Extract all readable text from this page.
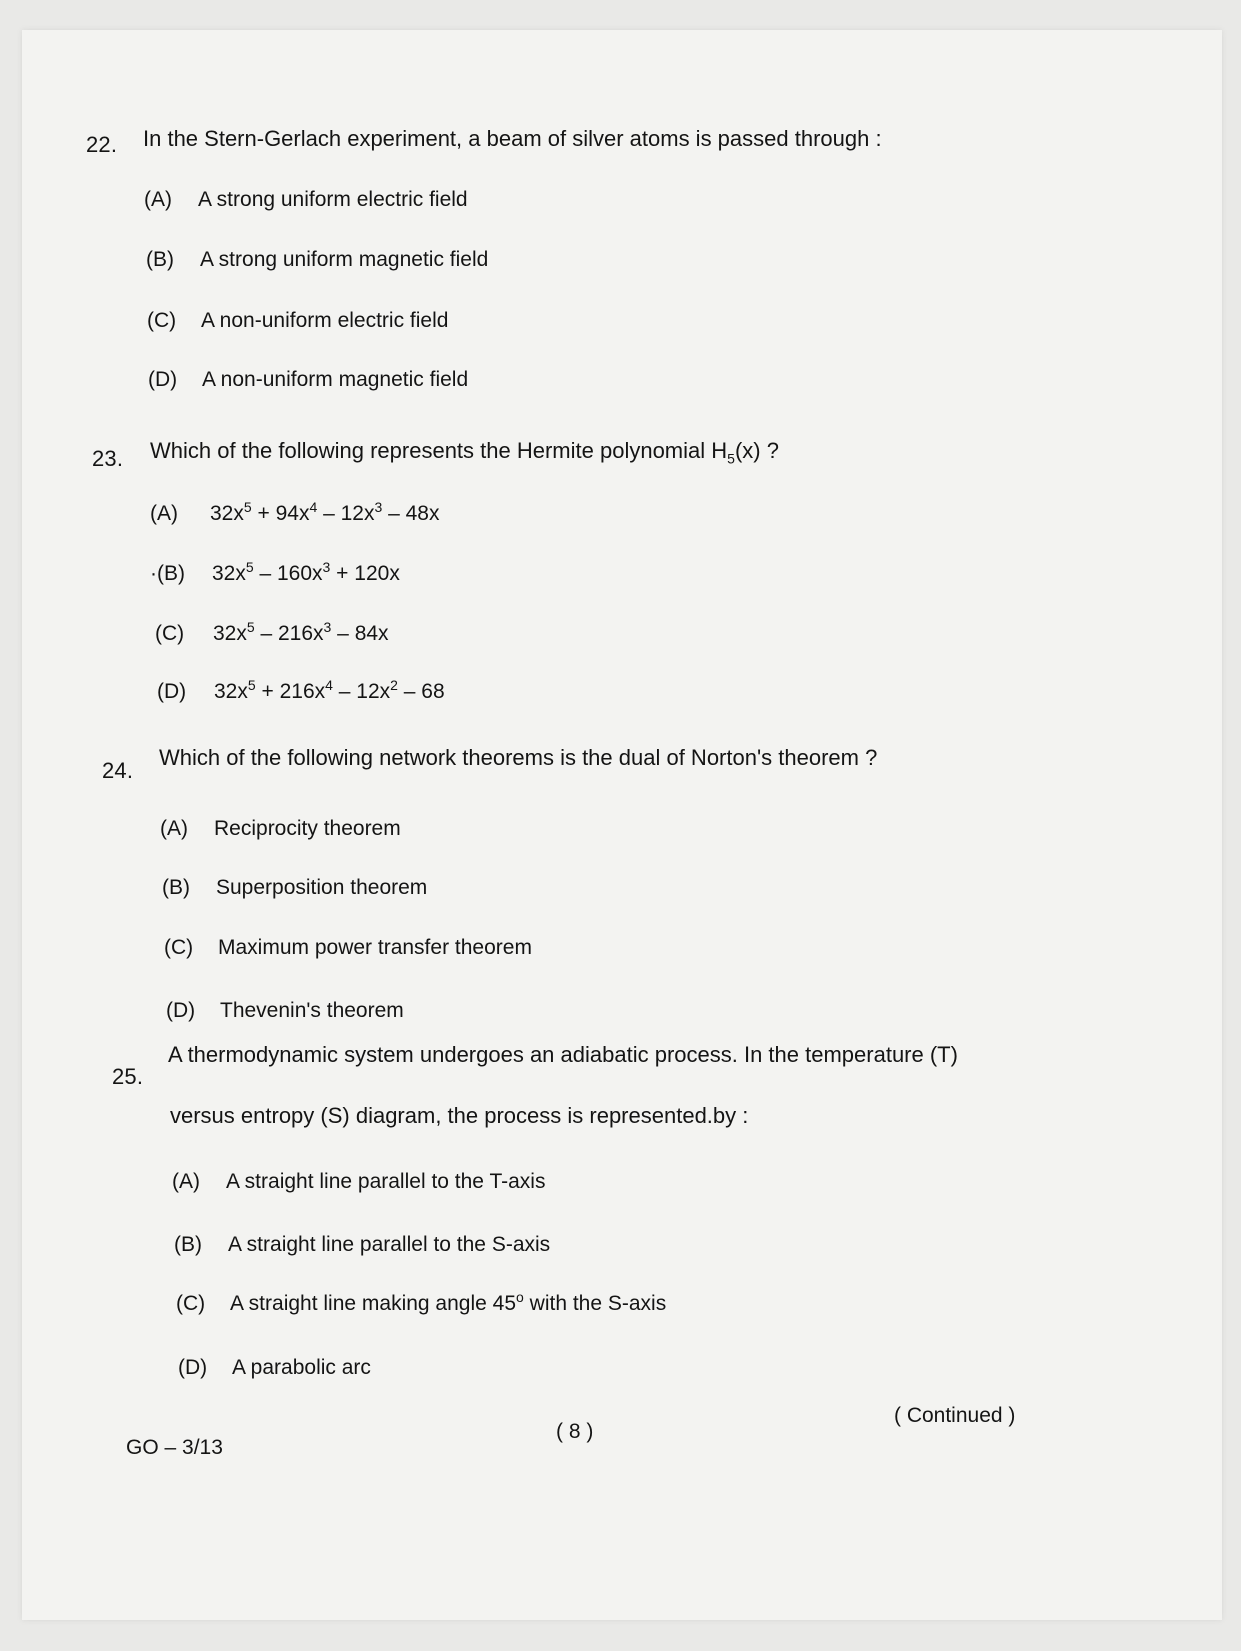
22. In the Stern-Gerlach experiment, a beam of silver atoms is passed through :
(A) A strong uniform electric field
(B) A strong uniform magnetic field
(C) A non-uniform electric field
(D) A non-uniform magnetic field
23. Which of the following represents the Hermite polynomial $H_5(x)$ ?
(A) $32x^5 + 94x^4 - 12x^3 - 48x$
·(B) $32x^5 - 160x^3 + 120x$
(C) $32x^5 - 216x^3 - 84x$
(D) $32x^5 + 216x^4 - 12x^2 - 68$
24.
Which of the following network theorems is the dual of Norton's theorem ?
(A) Reciprocity theorem
(B) Superposition theorem
(C) Maximum power transfer theorem
(D) Thevenin's theorem
25.
A thermodynamic system undergoes an adiabatic process. In the temperature (T)
versus entropy (S) diagram, the process is represented.by :
(A) A straight line parallel to the T-axis
(B) A straight line parallel to the S-axis
(C) A straight line making angle 45$^o$ with the S-axis
(D) A parabolic arc
GO – 3/13
( 8 )
( Continued )
